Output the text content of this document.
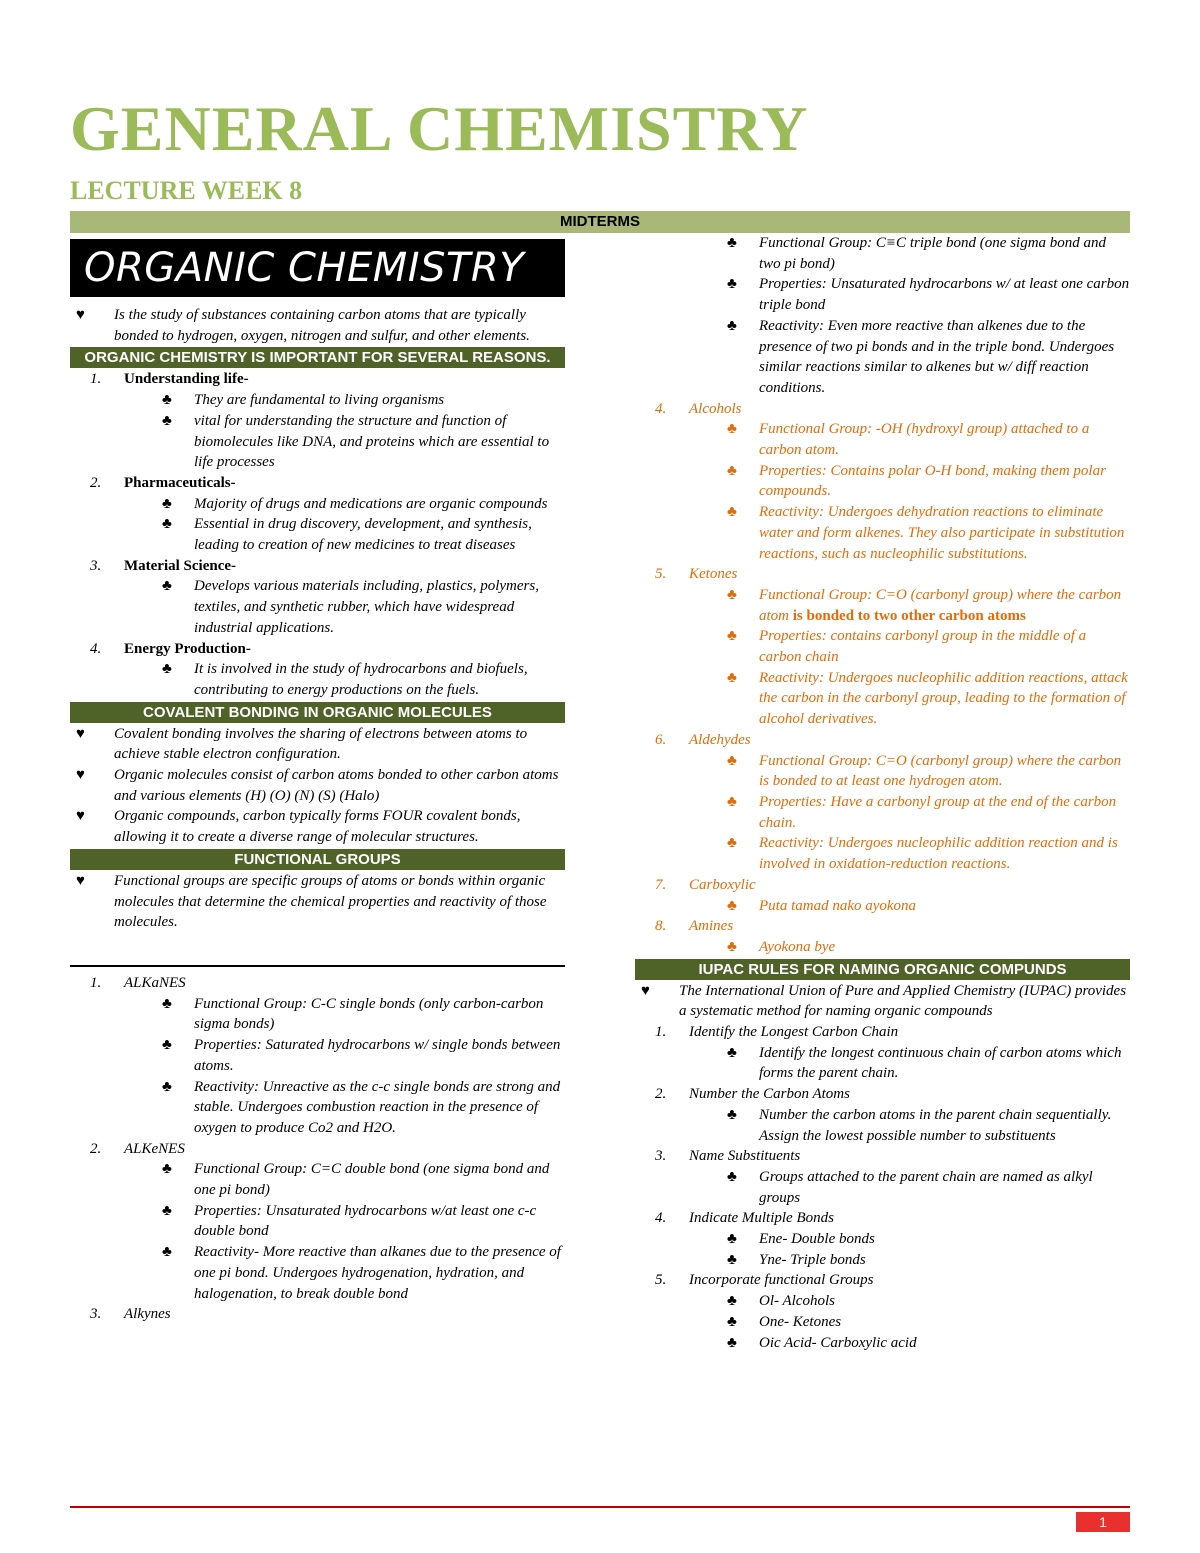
GENERAL CHEMISTRY
LECTURE WEEK 8
MIDTERMS
ORGANIC CHEMISTRY
♥ Is the study of substances containing carbon atoms that are typically bonded to hydrogen, oxygen, nitrogen and sulfur, and other elements.
ORGANIC CHEMISTRY IS IMPORTANT FOR SEVERAL REASONS.
1. Understanding life-
♣ They are fundamental to living organisms
♣ vital for understanding the structure and function of biomolecules like DNA, and proteins which are essential to life processes
2. Pharmaceuticals-
♣ Majority of drugs and medications are organic compounds
♣ Essential in drug discovery, development, and synthesis, leading to creation of new medicines to treat diseases
3. Material Science-
♣ Develops various materials including, plastics, polymers, textiles, and synthetic rubber, which have widespread industrial applications.
4. Energy Production-
♣ It is involved in the study of hydrocarbons and biofuels, contributing to energy productions on the fuels.
COVALENT BONDING IN ORGANIC MOLECULES
♥ Covalent bonding involves the sharing of electrons between atoms to achieve stable electron configuration.
♥ Organic molecules consist of carbon atoms bonded to other carbon atoms and various elements (H) (O) (N) (S) (Halo)
♥ Organic compounds, carbon typically forms FOUR covalent bonds, allowing it to create a diverse range of molecular structures.
FUNCTIONAL GROUPS
♥ Functional groups are specific groups of atoms or bonds within organic molecules that determine the chemical properties and reactivity of those molecules.
1. ALKaNES
♣ Functional Group: C-C single bonds (only carbon-carbon sigma bonds)
♣ Properties: Saturated hydrocarbons w/ single bonds between atoms.
♣ Reactivity: Unreactive as the c-c single bonds are strong and stable. Undergoes combustion reaction in the presence of oxygen to produce Co2 and H2O.
2. ALKeNES
♣ Functional Group: C=C double bond (one sigma bond and one pi bond)
♣ Properties: Unsaturated hydrocarbons w/at least one c-c double bond
♣ Reactivity- More reactive than alkanes due to the presence of one pi bond. Undergoes hydrogenation, hydration, and halogenation, to break double bond
3. Alkynes
♣ Functional Group: C≡C triple bond (one sigma bond and two pi bond)
♣ Properties: Unsaturated hydrocarbons w/ at least one carbon triple bond
♣ Reactivity: Even more reactive than alkenes due to the presence of two pi bonds and in the triple bond. Undergoes similar reactions similar to alkenes but w/ diff reaction conditions.
4. Alcohols
♣ Functional Group: -OH (hydroxyl group) attached to a carbon atom.
♣ Properties: Contains polar O-H bond, making them polar compounds.
♣ Reactivity: Undergoes dehydration reactions to eliminate water and form alkenes. They also participate in substitution reactions, such as nucleophilic substitutions.
5. Ketones
♣ Functional Group: C=O (carbonyl group) where the carbon atom is bonded to two other carbon atoms
♣ Properties: contains carbonyl group in the middle of a carbon chain
♣ Reactivity: Undergoes nucleophilic addition reactions, attack the carbon in the carbonyl group, leading to the formation of alcohol derivatives.
6. Aldehydes
♣ Functional Group: C=O (carbonyl group) where the carbon is bonded to at least one hydrogen atom.
♣ Properties: Have a carbonyl group at the end of the carbon chain.
♣ Reactivity: Undergoes nucleophilic addition reaction and is involved in oxidation-reduction reactions.
7. Carboxylic
♣ Puta tamad nako ayokona
8. Amines
♣ Ayokona bye
IUPAC RULES FOR NAMING ORGANIC COMPUNDS
♥ The International Union of Pure and Applied Chemistry (IUPAC) provides a systematic method for naming organic compounds
1. Identify the Longest Carbon Chain
♣ Identify the longest continuous chain of carbon atoms which forms the parent chain.
2. Number the Carbon Atoms
♣ Number the carbon atoms in the parent chain sequentially. Assign the lowest possible number to substituents
3. Name Substituents
♣ Groups attached to the parent chain are named as alkyl groups
4. Indicate Multiple Bonds
♣ Ene- Double bonds
♣ Yne- Triple bonds
5. Incorporate functional Groups
♣ Ol- Alcohols
♣ One- Ketones
♣ Oic Acid- Carboxylic acid
1
